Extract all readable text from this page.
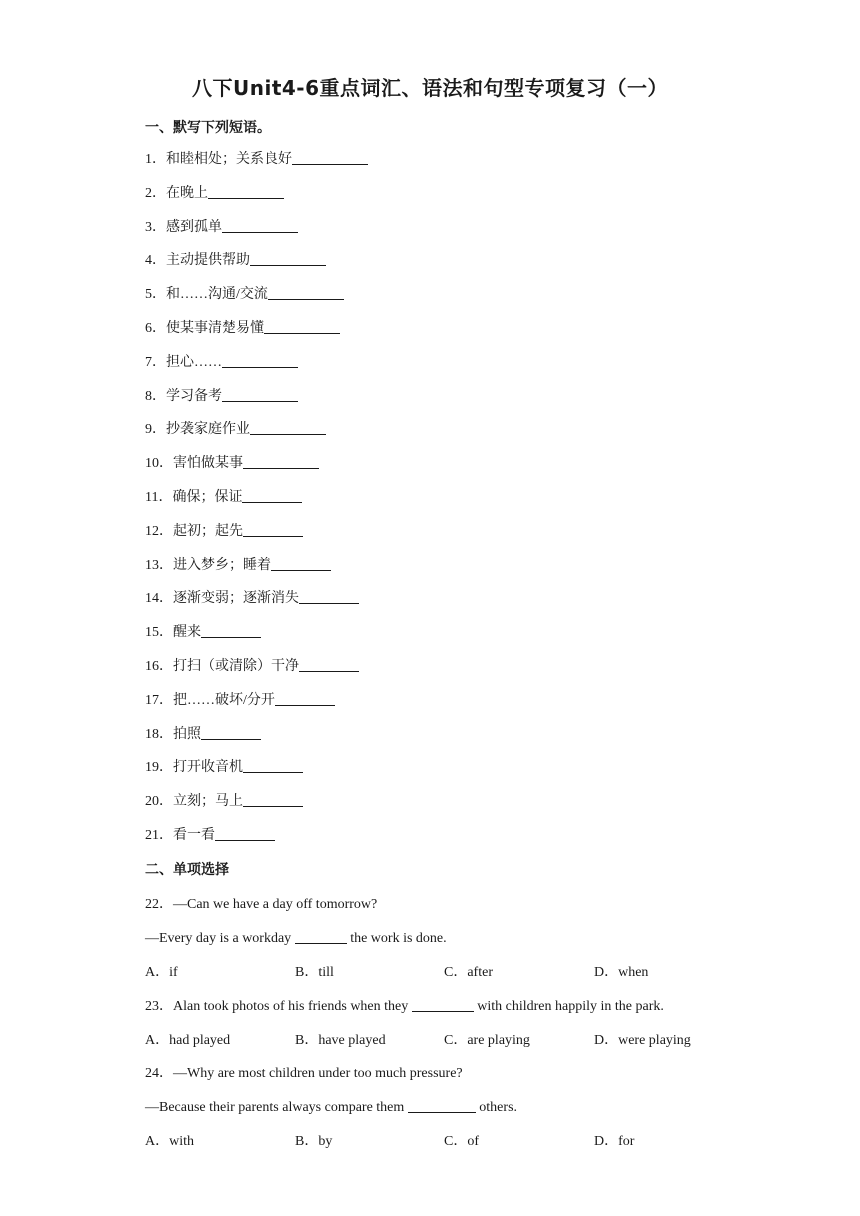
八下Unit4-6重点词汇、语法和句型专项复习（一）
一、默写下列短语。
1．和睦相处；关系良好
2．在晚上
3．感到孤单
4．主动提供帮助
5．和……沟通/交流
6．使某事清楚易懂
7．担心……
8．学习备考
9．抄袭家庭作业
10．害怕做某事
11．确保；保证
12．起初；起先
13．进入梦乡；睡着
14．逐渐变弱；逐渐消失
15．醒来
16．打扫（或清除）干净
17．把……破坏/分开
18．拍照
19．打开收音机
20．立刻；马上
21．看一看
二、单项选择
22．—Can we have a day off tomorrow?
—Every day is a workday	the work is done.
A．if	B．till	C．after	D．when
23．Alan took photos of his friends when they	with children happily in the park.
A．had played	B．have played	C．are playing	D．were playing
24．—Why are most children under too much pressure?
—Because their parents always compare them	others.
A．with	B．by	C．of	D．for
